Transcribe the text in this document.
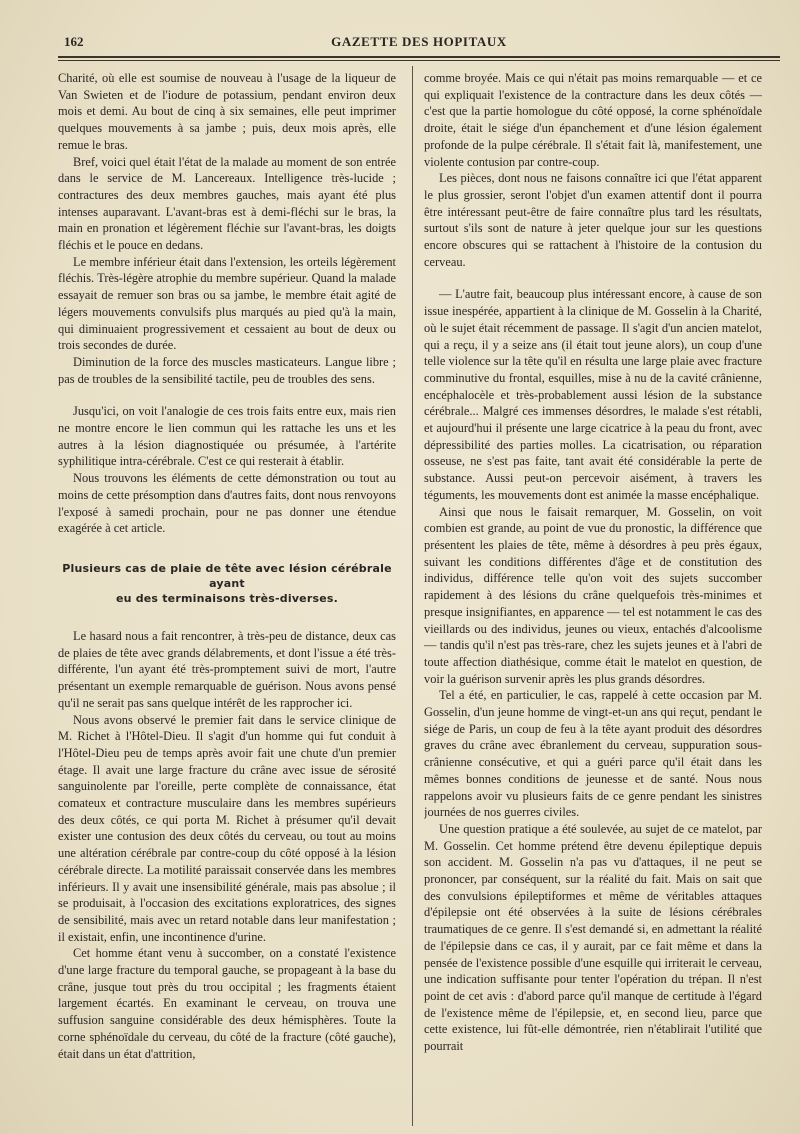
162	GAZETTE DES HOPITAUX

Charité, où elle est soumise de nouveau à l'usage de la liqueur de Van Swieten et de l'iodure de potassium, pendant environ deux mois et demi. Au bout de cinq à six semaines, elle peut imprimer quelques mouvements à sa jambe ; puis, deux mois après, elle remue le bras.

Bref, voici quel était l'état de la malade au moment de son entrée dans le service de M. Lancereaux. Intelligence très-lucide ; contractures des deux membres gauches, mais ayant été plus intenses auparavant. L'avant-bras est à demi-fléchi sur le bras, la main en pronation et légèrement fléchie sur l'avant-bras, les doigts fléchis et le pouce en dedans.

Le membre inférieur était dans l'extension, les orteils légèrement fléchis. Très-légère atrophie du membre supérieur. Quand la malade essayait de remuer son bras ou sa jambe, le membre était agité de légers mouvements convulsifs plus marqués au pied qu'à la main, qui diminuaient progressivement et cessaient au bout de deux ou trois secondes de durée.

Diminution de la force des muscles masticateurs. Langue libre ; pas de troubles de la sensibilité tactile, peu de troubles des sens.

Jusqu'ici, on voit l'analogie de ces trois faits entre eux, mais rien ne montre encore le lien commun qui les rattache les uns et les autres à la lésion diagnostiquée ou présumée, à l'artérite syphilitique intra-cérébrale. C'est ce qui resterait à établir.

Nous trouvons les éléments de cette démonstration ou tout au moins de cette présomption dans d'autres faits, dont nous renvoyons l'exposé à samedi prochain, pour ne pas donner une étendue exagérée à cet article.

Plusieurs cas de plaie de tête avec lésion cérébrale ayant
eu des terminaisons très-diverses.

Le hasard nous a fait rencontrer, à très-peu de distance, deux cas de plaies de tête avec grands délabrements, et dont l'issue a été très-différente, l'un ayant été très-promptement suivi de mort, l'autre présentant un exemple remarquable de guérison. Nous avons pensé qu'il ne serait pas sans quelque intérêt de les rapprocher ici.

Nous avons observé le premier fait dans le service clinique de M. Richet à l'Hôtel-Dieu. Il s'agit d'un homme qui fut conduit à l'Hôtel-Dieu peu de temps après avoir fait une chute d'un premier étage. Il avait une large fracture du crâne avec issue de sérosité sanguinolente par l'oreille, perte complète de connaissance, état comateux et contracture musculaire dans les membres supérieurs des deux côtés, ce qui porta M. Richet à présumer qu'il devait exister une contusion des deux côtés du cerveau, ou tout au moins une altération cérébrale par contre-coup du côté opposé à la lésion cérébrale directe. La motilité paraissait conservée dans les membres inférieurs. Il y avait une insensibilité générale, mais pas absolue ; il se produisait, à l'occasion des excitations exploratrices, des signes de sensibilité, mais avec un retard notable dans leur manifestation ; il existait, enfin, une incontinence d'urine.

Cet homme étant venu à succomber, on a constaté l'existence d'une large fracture du temporal gauche, se propageant à la base du crâne, jusque tout près du trou occipital ; les fragments étaient largement écartés. En examinant le cerveau, on trouva une suffusion sanguine considérable des deux hémisphères. Toute la corne sphénoïdale du cerveau, du côté de la fracture (côté gauche), était dans un état d'attrition,

comme broyée. Mais ce qui n'était pas moins remarquable — et ce qui expliquait l'existence de la contracture dans les deux côtés — c'est que la partie homologue du côté opposé, la corne sphénoïdale droite, était le siége d'un épanchement et d'une lésion également profonde de la pulpe cérébrale. Il s'était fait là, manifestement, une violente contusion par contre-coup.

Les pièces, dont nous ne faisons connaître ici que l'état apparent le plus grossier, seront l'objet d'un examen attentif dont il pourra être intéressant peut-être de faire connaître plus tard les résultats, surtout s'ils sont de nature à jeter quelque jour sur les questions encore obscures qui se rattachent à l'histoire de la contusion du cerveau.

— L'autre fait, beaucoup plus intéressant encore, à cause de son issue inespérée, appartient à la clinique de M. Gosselin à la Charité, où le sujet était récemment de passage. Il s'agit d'un ancien matelot, qui a reçu, il y a seize ans (il était tout jeune alors), un coup d'une telle violence sur la tête qu'il en résulta une large plaie avec fracture comminutive du frontal, esquilles, mise à nu de la cavité crânienne, encéphalocèle et très-probablement aussi lésion de la substance cérébrale... Malgré ces immenses désordres, le malade s'est rétabli, et aujourd'hui il présente une large cicatrice à la peau du front, avec dépressibilité des parties molles. La cicatrisation, ou réparation osseuse, ne s'est pas faite, tant avait été considérable la perte de substance. Aussi peut-on percevoir aisément, à travers les téguments, les mouvements dont est animée la masse encéphalique.

Ainsi que nous le faisait remarquer, M. Gosselin, on voit combien est grande, au point de vue du pronostic, la différence que présentent les plaies de tête, même à désordres à peu près égaux, suivant les conditions différentes d'âge et de constitution des individus, différence telle qu'on voit des sujets succomber rapidement à des lésions du crâne quelquefois très-minimes et presque insignifiantes, en apparence — tel est notamment le cas des vieillards ou des individus, jeunes ou vieux, entachés d'alcoolisme — tandis qu'il n'est pas très-rare, chez les sujets jeunes et à l'abri de toute affection diathésique, comme était le matelot en question, de voir la guérison survenir après les plus grands désordres.

Tel a été, en particulier, le cas, rappelé à cette occasion par M. Gosselin, d'un jeune homme de vingt-et-un ans qui reçut, pendant le siége de Paris, un coup de feu à la tête ayant produit des désordres graves du crâne avec ébranlement du cerveau, suppuration sous-crânienne consécutive, et qui a guéri parce qu'il était dans les mêmes bonnes conditions de jeunesse et de santé. Nous nous rappelons avoir vu plusieurs faits de ce genre pendant les sinistres journées de nos guerres civiles.

Une question pratique a été soulevée, au sujet de ce matelot, par M. Gosselin. Cet homme prétend être devenu épileptique depuis son accident. M. Gosselin n'a pas vu d'attaques, il ne peut se prononcer, par conséquent, sur la réalité du fait. Mais on sait que des convulsions épileptiformes et même de véritables attaques d'épilepsie ont été observées à la suite de lésions cérébrales traumatiques de ce genre. Il s'est demandé si, en admettant la réalité de l'épilepsie dans ce cas, il y aurait, par ce fait même et dans la pensée de l'existence possible d'une esquille qui irriterait le cerveau, une indication suffisante pour tenter l'opération du trépan. Il n'est point de cet avis : d'abord parce qu'il manque de certitude à l'égard de l'existence même de l'épilepsie, et, en second lieu, parce que cette existence, lui fût-elle démontrée, rien n'établirait l'utilité que pourrait
